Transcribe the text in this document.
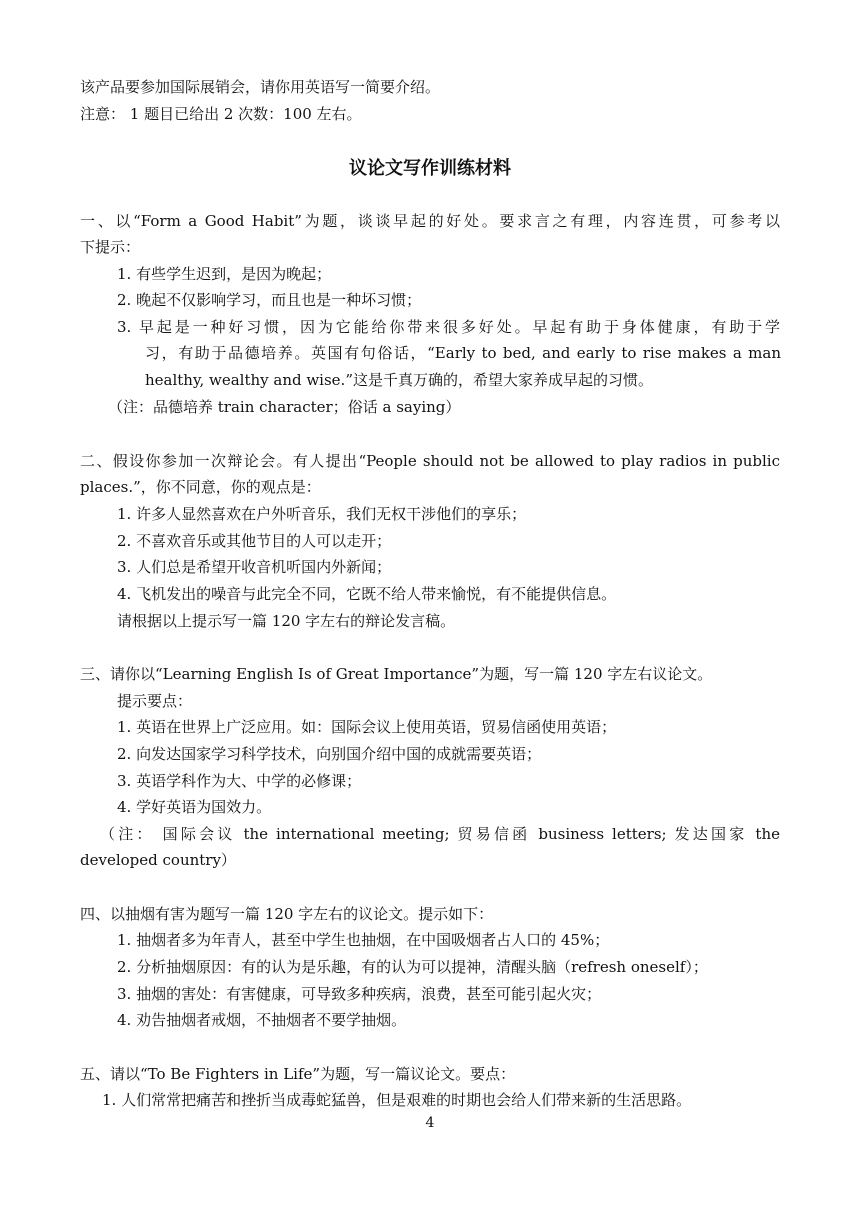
该产品要参加国际展销会，请你用英语写一简要介绍。
注意： 1 题目已给出 2 次数：100 左右。
议论文写作训练材料
一、以“Form a Good Habit”为题，谈谈早起的好处。要求言之有理，内容连贯，可参考以
下提示：
1. 有些学生迟到，是因为晚起；
2. 晚起不仅影响学习，而且也是一种坏习惯；
3. 早起是一种好习惯，因为它能给你带来很多好处。早起有助于身体健康，有助于学
习，有助于品德培养。英国有句俗话，“Early to bed, and early to rise makes a man
healthy, wealthy and wise.”这是千真万确的，希望大家养成早起的习惯。
（注：品德培养 train character；俗话 a saying）
二、假设你参加一次辩论会。有人提出“People should not be allowed to play radios in public
places.”，你不同意，你的观点是：
1. 许多人显然喜欢在户外听音乐，我们无权干涉他们的享乐；
2. 不喜欢音乐或其他节目的人可以走开；
3. 人们总是希望开收音机听国内外新闻；
4. 飞机发出的噪音与此完全不同，它既不给人带来愉悦，有不能提供信息。
请根据以上提示写一篇 120 字左右的辩论发言稿。
三、请你以“Learning English Is of Great Importance”为题，写一篇 120 字左右议论文。
提示要点：
1. 英语在世界上广泛应用。如：国际会议上使用英语，贸易信函使用英语；
2. 向发达国家学习科学技术，向别国介绍中国的成就需要英语；
3. 英语学科作为大、中学的必修课；
4. 学好英语为国效力。
（注： 国际会议 the international meeting; 贸易信函 business letters; 发达国家 the
developed country）
四、以抽烟有害为题写一篇 120 字左右的议论文。提示如下：
1. 抽烟者多为年青人，甚至中学生也抽烟，在中国吸烟者占人口的 45%；
2. 分析抽烟原因：有的认为是乐趣，有的认为可以提神，清醒头脑（refresh oneself）；
3. 抽烟的害处：有害健康，可导致多种疾病，浪费，甚至可能引起火灾；
4. 劝告抽烟者戒烟，不抽烟者不要学抽烟。
五、请以“To Be Fighters in Life”为题，写一篇议论文。要点：
1. 人们常常把痛苦和挫折当成毒蛇猛兽，但是艰难的时期也会给人们带来新的生活思路。
4
